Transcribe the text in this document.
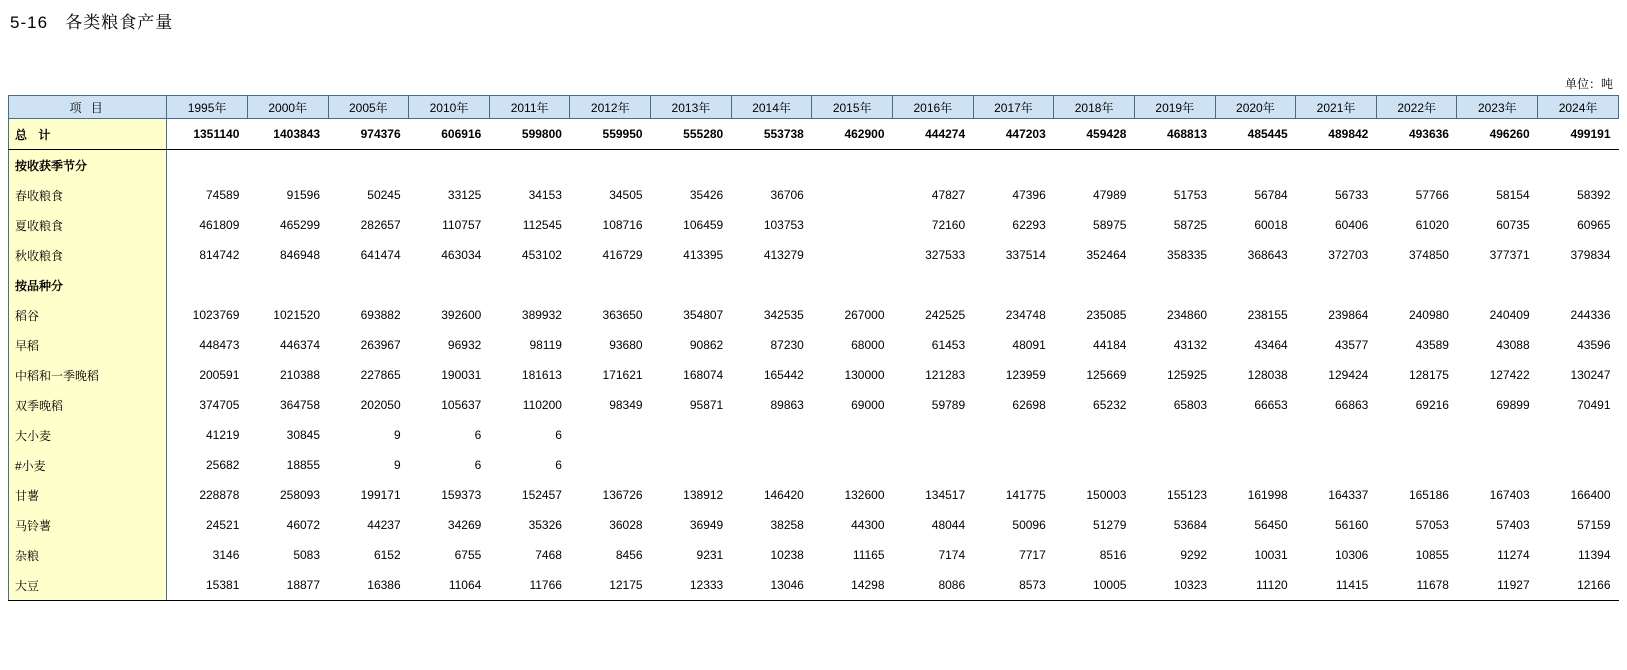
5-16   各类粮食产量
单位：吨
项 目	1995年	2000年	2005年	2010年	2011年	2012年	2013年	2014年	2015年	2016年	2017年	2018年	2019年	2020年	2021年	2022年	2023年	2024年
总 计	1351140	1403843	974376	606916	599800	559950	555280	553738	462900	444274	447203	459428	468813	485445	489842	493636	496260	499191
按收获季节分																		
春收粮食	74589	91596	50245	33125	34153	34505	35426	36706		47827	47396	47989	51753	56784	56733	57766	58154	58392
夏收粮食	461809	465299	282657	110757	112545	108716	106459	103753		72160	62293	58975	58725	60018	60406	61020	60735	60965
秋收粮食	814742	846948	641474	463034	453102	416729	413395	413279		327533	337514	352464	358335	368643	372703	374850	377371	379834
按品种分																		
稻谷	1023769	1021520	693882	392600	389932	363650	354807	342535	267000	242525	234748	235085	234860	238155	239864	240980	240409	244336
早稻	448473	446374	263967	96932	98119	93680	90862	87230	68000	61453	48091	44184	43132	43464	43577	43589	43088	43596
中稻和一季晚稻	200591	210388	227865	190031	181613	171621	168074	165442	130000	121283	123959	125669	125925	128038	129424	128175	127422	130247
双季晚稻	374705	364758	202050	105637	110200	98349	95871	89863	69000	59789	62698	65232	65803	66653	66863	69216	69899	70491
大小麦	41219	30845	9	6	6													
#小麦	25682	18855	9	6	6													
甘薯	228878	258093	199171	159373	152457	136726	138912	146420	132600	134517	141775	150003	155123	161998	164337	165186	167403	166400
马铃薯	24521	46072	44237	34269	35326	36028	36949	38258	44300	48044	50096	51279	53684	56450	56160	57053	57403	57159
杂粮	3146	5083	6152	6755	7468	8456	9231	10238	11165	7174	7717	8516	9292	10031	10306	10855	11274	11394
大豆	15381	18877	16386	11064	11766	12175	12333	13046	14298	8086	8573	10005	10323	11120	11415	11678	11927	12166
